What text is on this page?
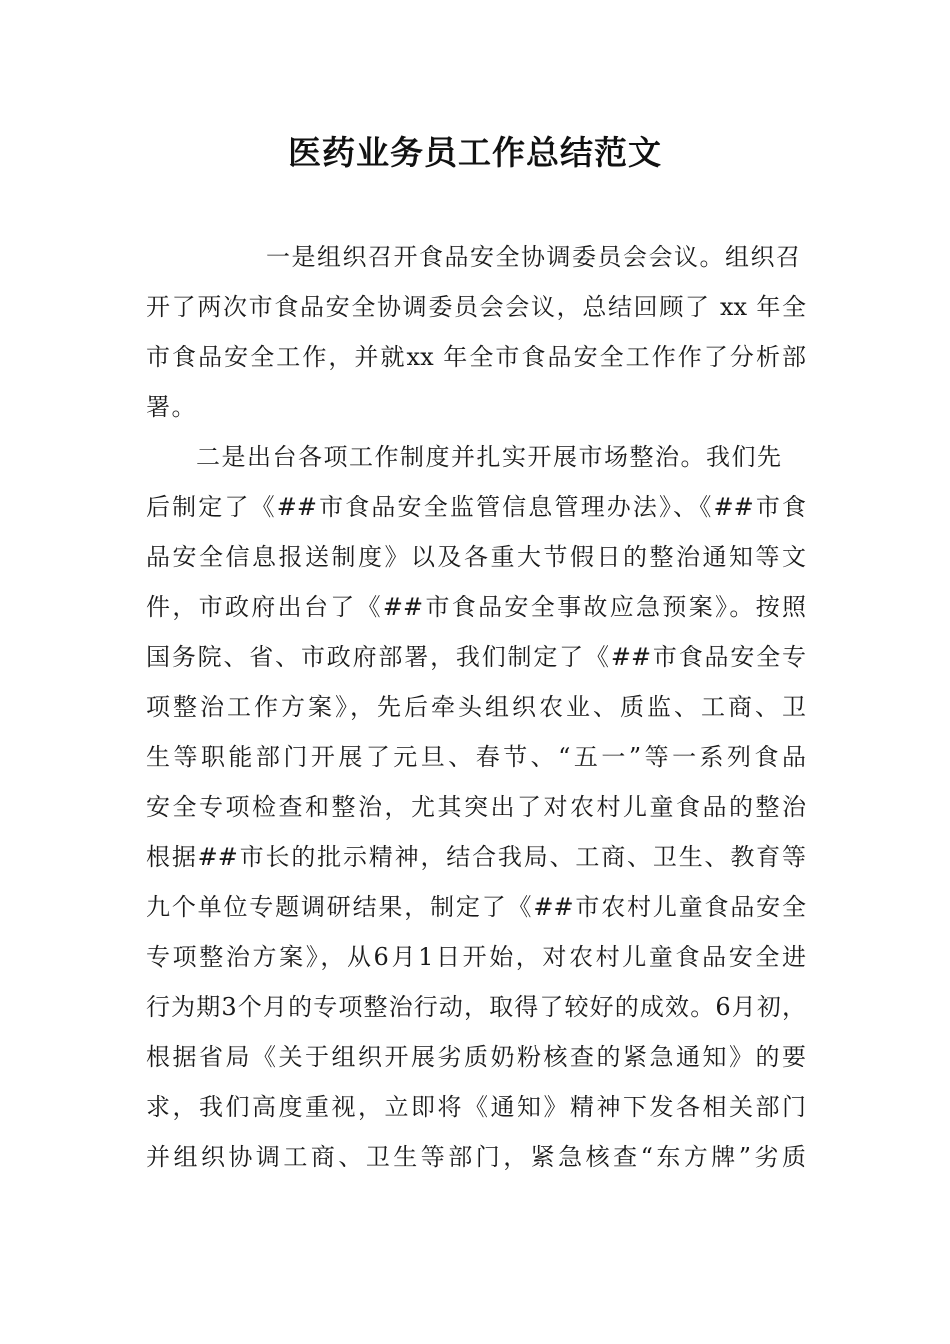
医药业务员工作总结范文
一是组织召开食品安全协调委员会会议。组织召
开了两次市食品安全协调委员会会议，总结回顾了 xx 年全
市食品安全工作，并就xx 年全市食品安全工作作了分析部
署。
二是出台各项工作制度并扎实开展市场整治。我们先
后制定了《##市食品安全监管信息管理办法》、《##市食
品安全信息报送制度》以及各重大节假日的整治通知等文
件，市政府出台了《##市食品安全事故应急预案》。按照
国务院、省、市政府部署，我们制定了《##市食品安全专
项整治工作方案》，先后牵头组织农业、质监、工商、卫
生等职能部门开展了元旦、春节、“五一”等一系列食品
安全专项检查和整治，尤其突出了对农村儿童食品的整治
根据##市长的批示精神，结合我局、工商、卫生、教育等
九个单位专题调研结果，制定了《##市农村儿童食品安全
专项整治方案》，从6月1日开始，对农村儿童食品安全进
行为期3个月的专项整治行动，取得了较好的成效。6月初，
根据省局《关于组织开展劣质奶粉核查的紧急通知》的要
求，我们高度重视，立即将《通知》精神下发各相关部门
并组织协调工商、卫生等部门，紧急核查“东方牌”劣质
